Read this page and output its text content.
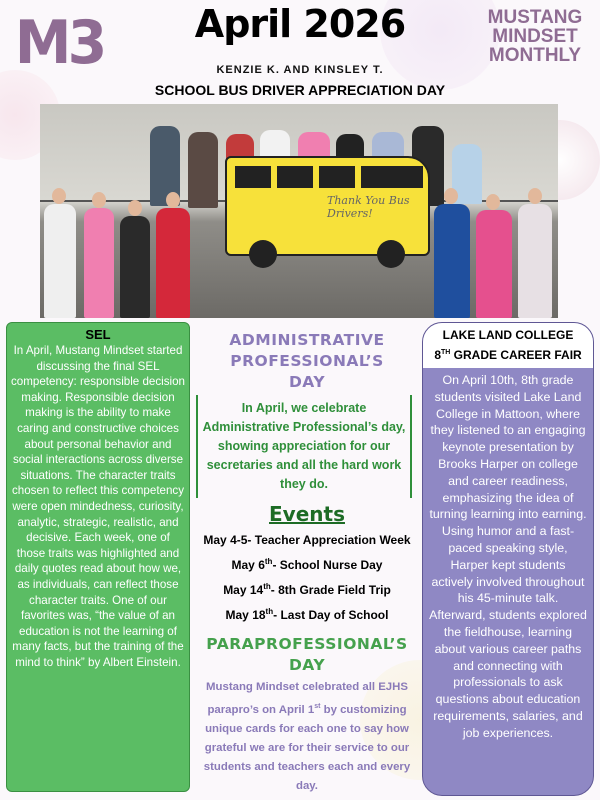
M3	April 2026
KENZIE K. AND KINSLEY T.
SCHOOL BUS DRIVER APPRECIATION DAY
MUSTANG
MINDSET
MONTHLY
Thank You Bus Drivers!
SEL
In April, Mustang Mindset started discussing the final SEL competency: responsible decision making. Responsible decision making is the ability to make caring and constructive choices about personal behavior and social interactions across diverse situations. The character traits chosen to reflect this competency were open mindedness, curiosity, analytic, strategic, realistic, and decisive. Each week, one of those traits was highlighted and daily quotes read about how we, as individuals, can reflect those character traits. One of our favorites was, “the value of an education is not the learning of many facts, but the training of the mind to think” by Albert Einstein.
ADMINISTRATIVE
PROFESSIONAL’S
DAY
In April, we celebrate Administrative Professional’s day, showing appreciation for our secretaries and all the hard work they do.
Events
May 4-5- Teacher Appreciation Week
May 6th- School Nurse Day
May 14th- 8th Grade Field Trip
May 18th- Last Day of School
PARAPROFESSIONAL’S
DAY
Mustang Mindset celebrated all EJHS parapro’s on April 1st by customizing unique cards for each one to say how grateful we are for their service to our students and teachers each and every day.
LAKE LAND COLLEGE
8TH GRADE CAREER FAIR
On April 10th, 8th grade students visited Lake Land College in Mattoon, where they listened to an engaging keynote presentation by Brooks Harper on college and career readiness, emphasizing the idea of turning learning into earning. Using humor and a fast-paced speaking style, Harper kept students actively involved throughout his 45-minute talk. Afterward, students explored the fieldhouse, learning about various career paths and connecting with professionals to ask questions about education requirements, salaries, and job experiences.
